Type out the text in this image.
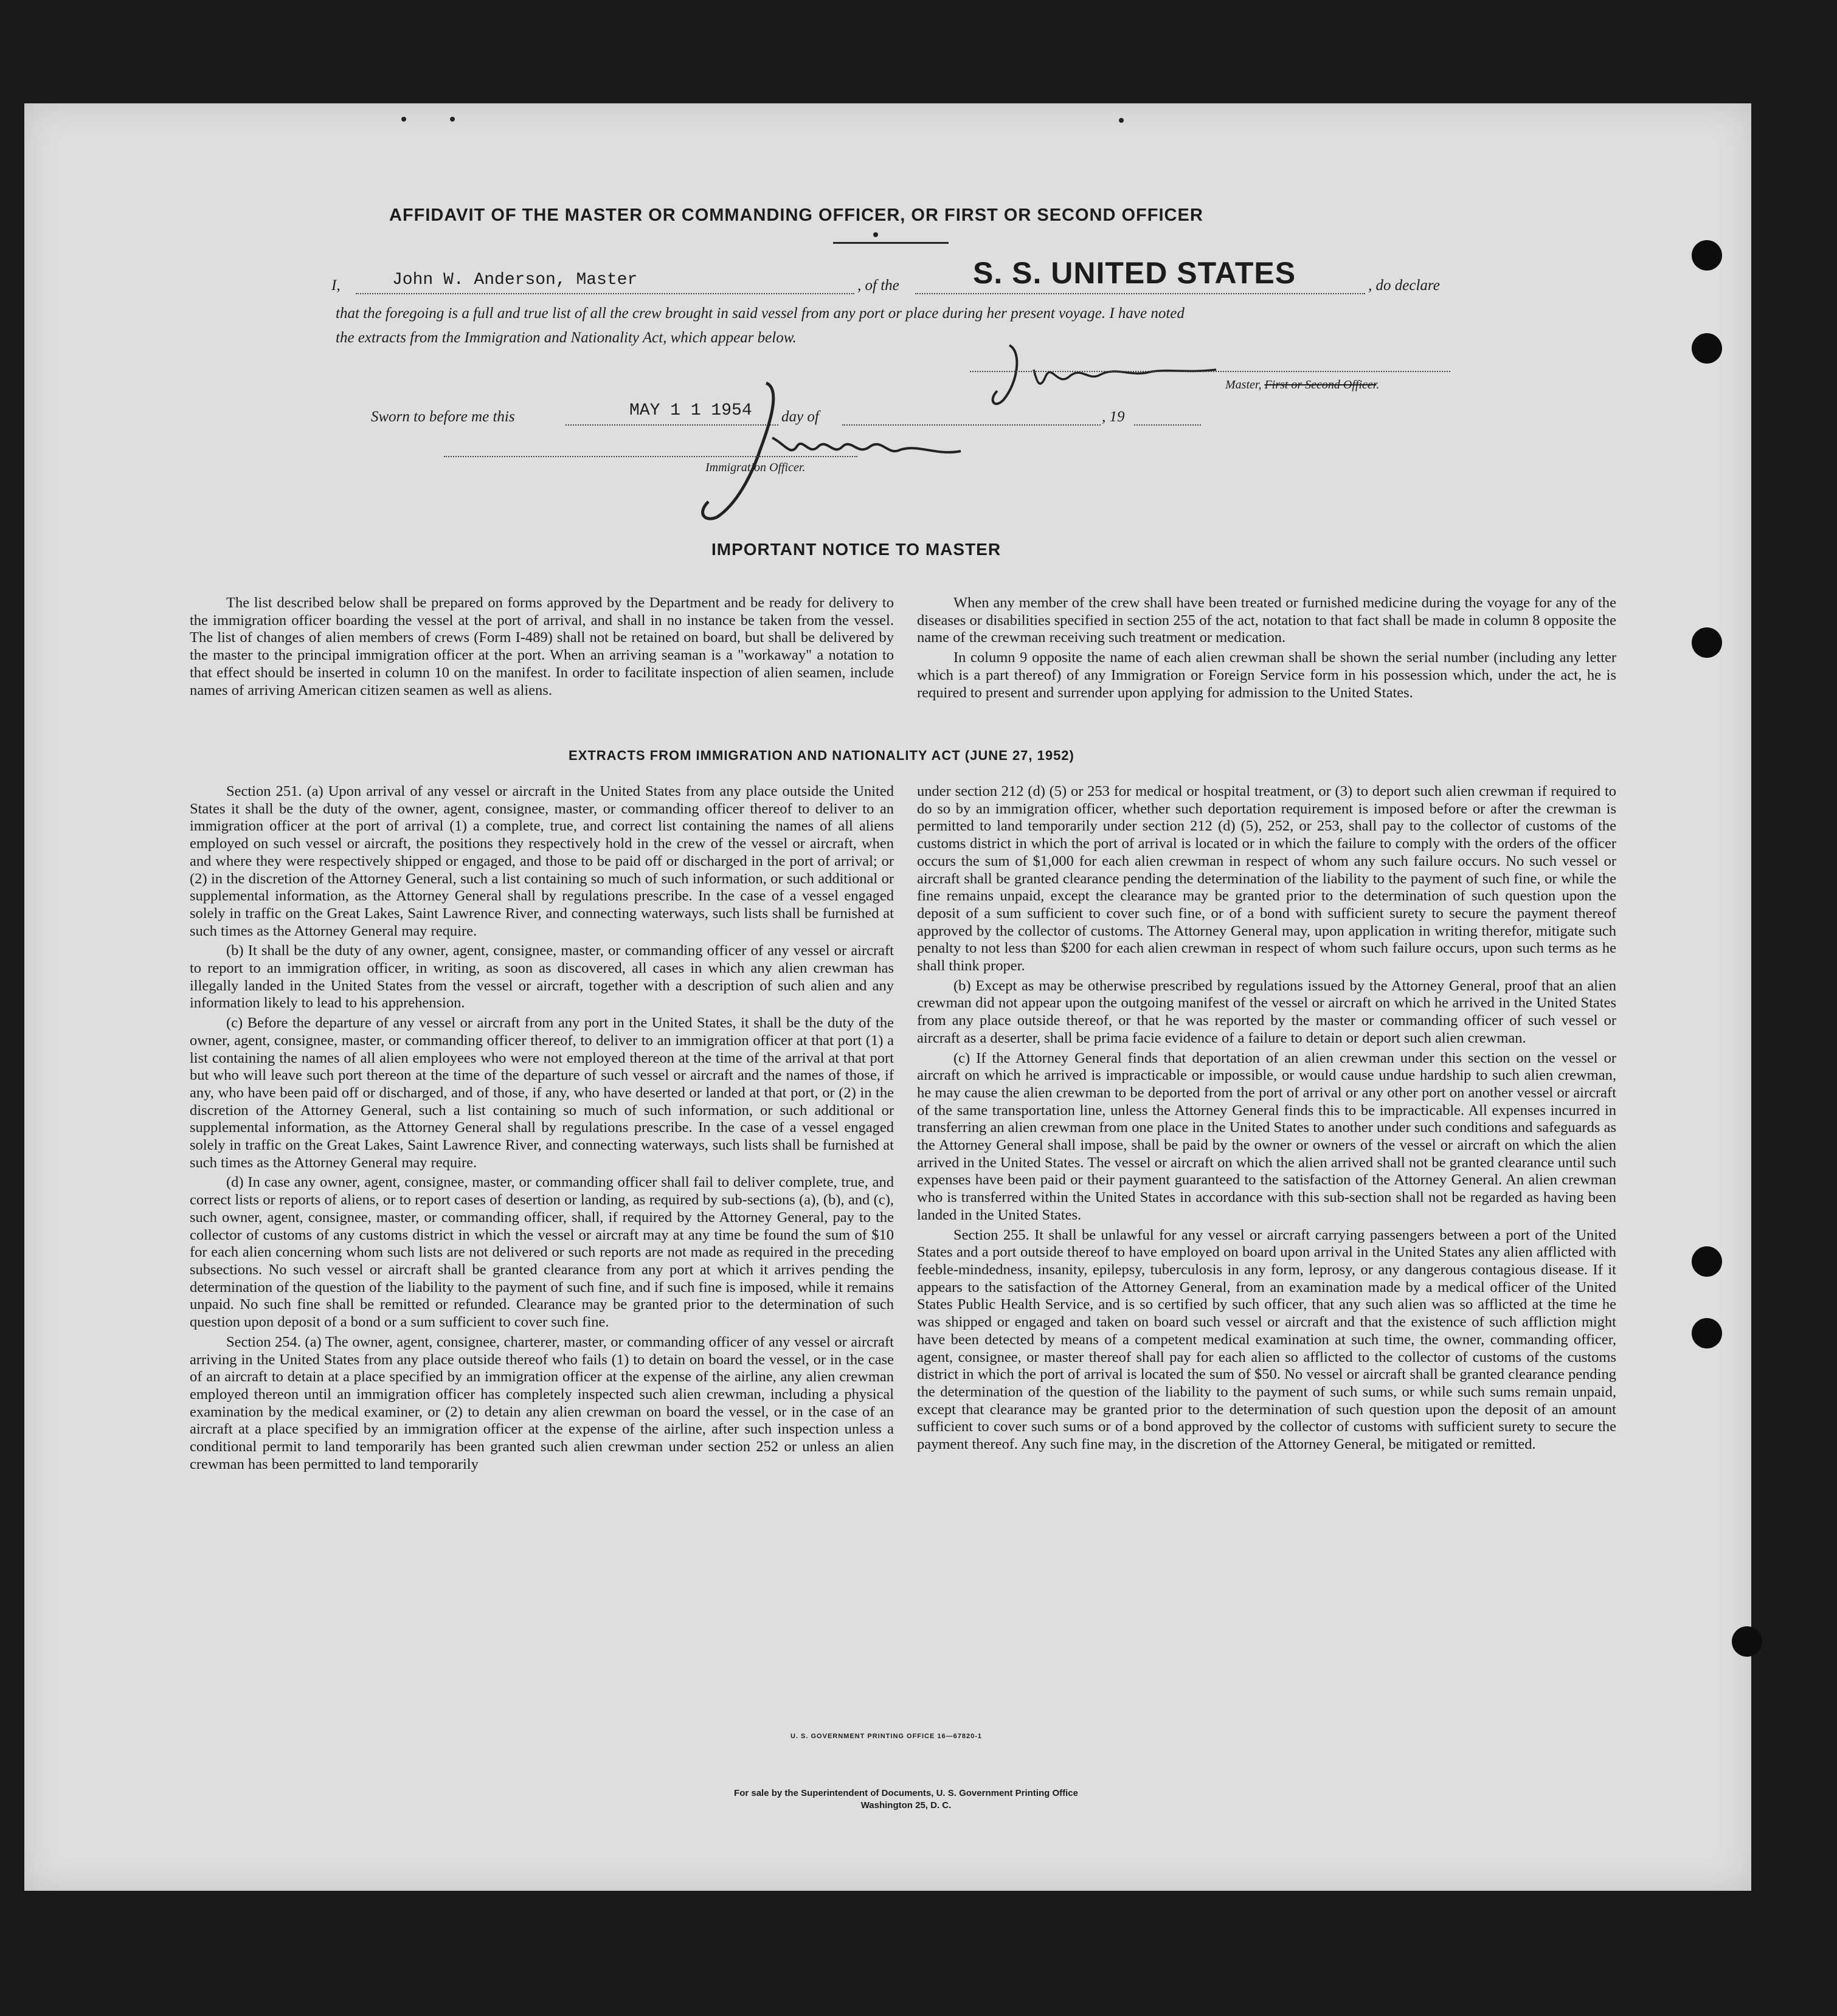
AFFIDAVIT OF THE MASTER OR COMMANDING OFFICER, OR FIRST OR SECOND OFFICER
I,	John W. Anderson, Master	, of the S. S. UNITED STATES	, do declare
that the foregoing is a full and true list of all the crew brought in said vessel from any port or place during her present voyage. I have noted
the extracts from the Immigration and Nationality Act, which appear below.
Master, First or Second Officer.
Sworn to before me this	MAY 1 1 1954 day of	, 19
Immigration Officer.
IMPORTANT NOTICE TO MASTER

The list described below shall be prepared on forms approved by the Department and be ready for delivery to the immigration officer boarding the vessel at the port of arrival, and shall in no instance be taken from the vessel. The list of changes of alien members of crews (Form I-489) shall not be retained on board, but shall be delivered by the master to the principal immigration officer at the port. When an arriving seaman is a "workaway" a notation to that effect should be inserted in column 10 on the manifest. In order to facilitate inspection of alien seamen, include names of arriving American citizen seamen as well as aliens.

When any member of the crew shall have been treated or furnished medicine during the voyage for any of the diseases or disabilities specified in section 255 of the act, notation to that fact shall be made in column 8 opposite the name of the crewman receiving such treatment or medication.

In column 9 opposite the name of each alien crewman shall be shown the serial number (including any letter which is a part thereof) of any Immigration or Foreign Service form in his possession which, under the act, he is required to present and surrender upon applying for admission to the United States.

EXTRACTS FROM IMMIGRATION AND NATIONALITY ACT (JUNE 27, 1952)

Section 251. (a) Upon arrival of any vessel or aircraft in the United States from any place outside the United States it shall be the duty of the owner, agent, consignee, master, or commanding officer thereof to deliver to an immigration officer at the port of arrival (1) a complete, true, and correct list containing the names of all aliens employed on such vessel or aircraft, the positions they respectively hold in the crew of the vessel or aircraft, when and where they were respectively shipped or engaged, and those to be paid off or discharged in the port of arrival; or (2) in the discretion of the Attorney General, such a list containing so much of such information, or such additional or supplemental information, as the Attorney General shall by regulations prescribe. In the case of a vessel engaged solely in traffic on the Great Lakes, Saint Lawrence River, and connecting waterways, such lists shall be furnished at such times as the Attorney General may require.

(b) It shall be the duty of any owner, agent, consignee, master, or commanding officer of any vessel or aircraft to report to an immigration officer, in writing, as soon as discovered, all cases in which any alien crewman has illegally landed in the United States from the vessel or aircraft, together with a description of such alien and any information likely to lead to his apprehension.

(c) Before the departure of any vessel or aircraft from any port in the United States, it shall be the duty of the owner, agent, consignee, master, or commanding officer thereof, to deliver to an immigration officer at that port (1) a list containing the names of all alien employees who were not employed thereon at the time of the arrival at that port but who will leave such port thereon at the time of the departure of such vessel or aircraft and the names of those, if any, who have been paid off or discharged, and of those, if any, who have deserted or landed at that port, or (2) in the discretion of the Attorney General, such a list containing so much of such information, or such additional or supplemental information, as the Attorney General shall by regulations prescribe. In the case of a vessel engaged solely in traffic on the Great Lakes, Saint Lawrence River, and connecting waterways, such lists shall be furnished at such times as the Attorney General may require.

(d) In case any owner, agent, consignee, master, or commanding officer shall fail to deliver complete, true, and correct lists or reports of aliens, or to report cases of desertion or landing, as required by sub-sections (a), (b), and (c), such owner, agent, consignee, master, or commanding officer, shall, if required by the Attorney General, pay to the collector of customs of any customs district in which the vessel or aircraft may at any time be found the sum of $10 for each alien concerning whom such lists are not delivered or such reports are not made as required in the preceding subsections. No such vessel or aircraft shall be granted clearance from any port at which it arrives pending the determination of the question of the liability to the payment of such fine, and if such fine is imposed, while it remains unpaid. No such fine shall be remitted or refunded. Clearance may be granted prior to the determination of such question upon deposit of a bond or a sum sufficient to cover such fine.

Section 254. (a) The owner, agent, consignee, charterer, master, or commanding officer of any vessel or aircraft arriving in the United States from any place outside thereof who fails (1) to detain on board the vessel, or in the case of an aircraft to detain at a place specified by an immigration officer at the expense of the airline, any alien crewman employed thereon until an immigration officer has completely inspected such alien crewman, including a physical examination by the medical examiner, or (2) to detain any alien crewman on board the vessel, or in the case of an aircraft at a place specified by an immigration officer at the expense of the airline, after such inspection unless a conditional permit to land temporarily has been granted such alien crewman under section 252 or unless an alien crewman has been permitted to land temporarily

under section 212 (d) (5) or 253 for medical or hospital treatment, or (3) to deport such alien crewman if required to do so by an immigration officer, whether such deportation requirement is imposed before or after the crewman is permitted to land temporarily under section 212 (d) (5), 252, or 253, shall pay to the collector of customs of the customs district in which the port of arrival is located or in which the failure to comply with the orders of the officer occurs the sum of $1,000 for each alien crewman in respect of whom any such failure occurs. No such vessel or aircraft shall be granted clearance pending the determination of the liability to the payment of such fine, or while the fine remains unpaid, except the clearance may be granted prior to the determination of such question upon the deposit of a sum sufficient to cover such fine, or of a bond with sufficient surety to secure the payment thereof approved by the collector of customs. The Attorney General may, upon application in writing therefor, mitigate such penalty to not less than $200 for each alien crewman in respect of whom such failure occurs, upon such terms as he shall think proper.

(b) Except as may be otherwise prescribed by regulations issued by the Attorney General, proof that an alien crewman did not appear upon the outgoing manifest of the vessel or aircraft on which he arrived in the United States from any place outside thereof, or that he was reported by the master or commanding officer of such vessel or aircraft as a deserter, shall be prima facie evidence of a failure to detain or deport such alien crewman.

(c) If the Attorney General finds that deportation of an alien crewman under this section on the vessel or aircraft on which he arrived is impracticable or impossible, or would cause undue hardship to such alien crewman, he may cause the alien crewman to be deported from the port of arrival or any other port on another vessel or aircraft of the same transportation line, unless the Attorney General finds this to be impracticable. All expenses incurred in transferring an alien crewman from one place in the United States to another under such conditions and safeguards as the Attorney General shall impose, shall be paid by the owner or owners of the vessel or aircraft on which the alien arrived in the United States. The vessel or aircraft on which the alien arrived shall not be granted clearance until such expenses have been paid or their payment guaranteed to the satisfaction of the Attorney General. An alien crewman who is transferred within the United States in accordance with this sub-section shall not be regarded as having been landed in the United States.

Section 255. It shall be unlawful for any vessel or aircraft carrying passengers between a port of the United States and a port outside thereof to have employed on board upon arrival in the United States any alien afflicted with feeble-mindedness, insanity, epilepsy, tuberculosis in any form, leprosy, or any dangerous contagious disease. If it appears to the satisfaction of the Attorney General, from an examination made by a medical officer of the United States Public Health Service, and is so certified by such officer, that any such alien was so afflicted at the time he was shipped or engaged and taken on board such vessel or aircraft and that the existence of such affliction might have been detected by means of a competent medical examination at such time, the owner, commanding officer, agent, consignee, or master thereof shall pay for each alien so afflicted to the collector of customs of the customs district in which the port of arrival is located the sum of $50. No vessel or aircraft shall be granted clearance pending the determination of the question of the liability to the payment of such sums, or while such sums remain unpaid, except that clearance may be granted prior to the determination of such question upon the deposit of an amount sufficient to cover such sums or of a bond approved by the collector of customs with sufficient surety to secure the payment thereof. Any such fine may, in the discretion of the Attorney General, be mitigated or remitted.

U. S. GOVERNMENT PRINTING OFFICE 16—67820-1
For sale by the Superintendent of Documents, U. S. Government Printing Office
Washington 25, D. C.
